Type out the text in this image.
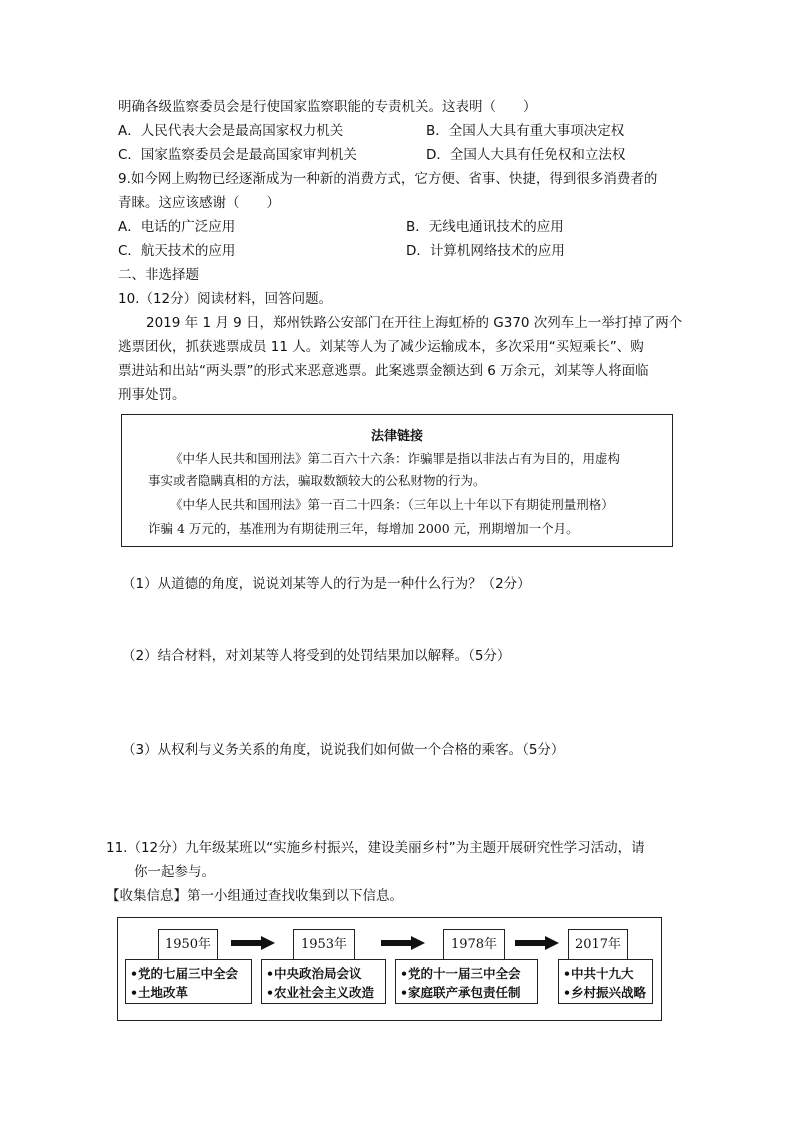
明确各级监察委员会是行使国家监察职能的专责机关。这表明（　　）
A．人民代表大会是最高国家权力机关	B．全国人大具有重大事项决定权
C．国家监察委员会是最高国家审判机关	D．全国人大具有任免权和立法权
9.如今网上购物已经逐渐成为一种新的消费方式，它方便、省事、快捷，得到很多消费者的
青睐。这应该感谢（　　）
A．电话的广泛应用	B．无线电通讯技术的应用
C．航天技术的应用	D．计算机网络技术的应用
二、非选择题
10.（12分）阅读材料，回答问题。
2019 年 1 月 9 日，郑州铁路公安部门在开往上海虹桥的 G370 次列车上一举打掉了两个
逃票团伙，抓获逃票成员 11 人。刘某等人为了减少运输成本，多次采用“买短乘长”、购
票进站和出站“两头票”的形式来恶意逃票。此案逃票金额达到 6 万余元，刘某等人将面临
刑事处罚。
法律链接
《中华人民共和国刑法》第二百六十六条：诈骗罪是指以非法占有为目的，用虚构
事实或者隐瞒真相的方法，骗取数额较大的公私财物的行为。
《中华人民共和国刑法》第一百二十四条：（三年以上十年以下有期徒刑量刑格）
诈骗 4 万元的，基准刑为有期徒刑三年，每增加 2000 元，刑期增加一个月。
（1）从道德的角度，说说刘某等人的行为是一种什么行为？（2分）
（2）结合材料，对刘某等人将受到的处罚结果加以解释。（5分）
（3）从权利与义务关系的角度，说说我们如何做一个合格的乘客。（5分）
11.（12分）九年级某班以“实施乡村振兴，建设美丽乡村”为主题开展研究性学习活动，请
你一起参与。
【收集信息】第一小组通过查找收集到以下信息。
1950年	1953年	1978年	2017年
•党的七届三中全会
•土地改革
•中央政治局会议
•农业社会主义改造
•党的十一届三中全会
•家庭联产承包责任制
•中共十九大
•乡村振兴战略
